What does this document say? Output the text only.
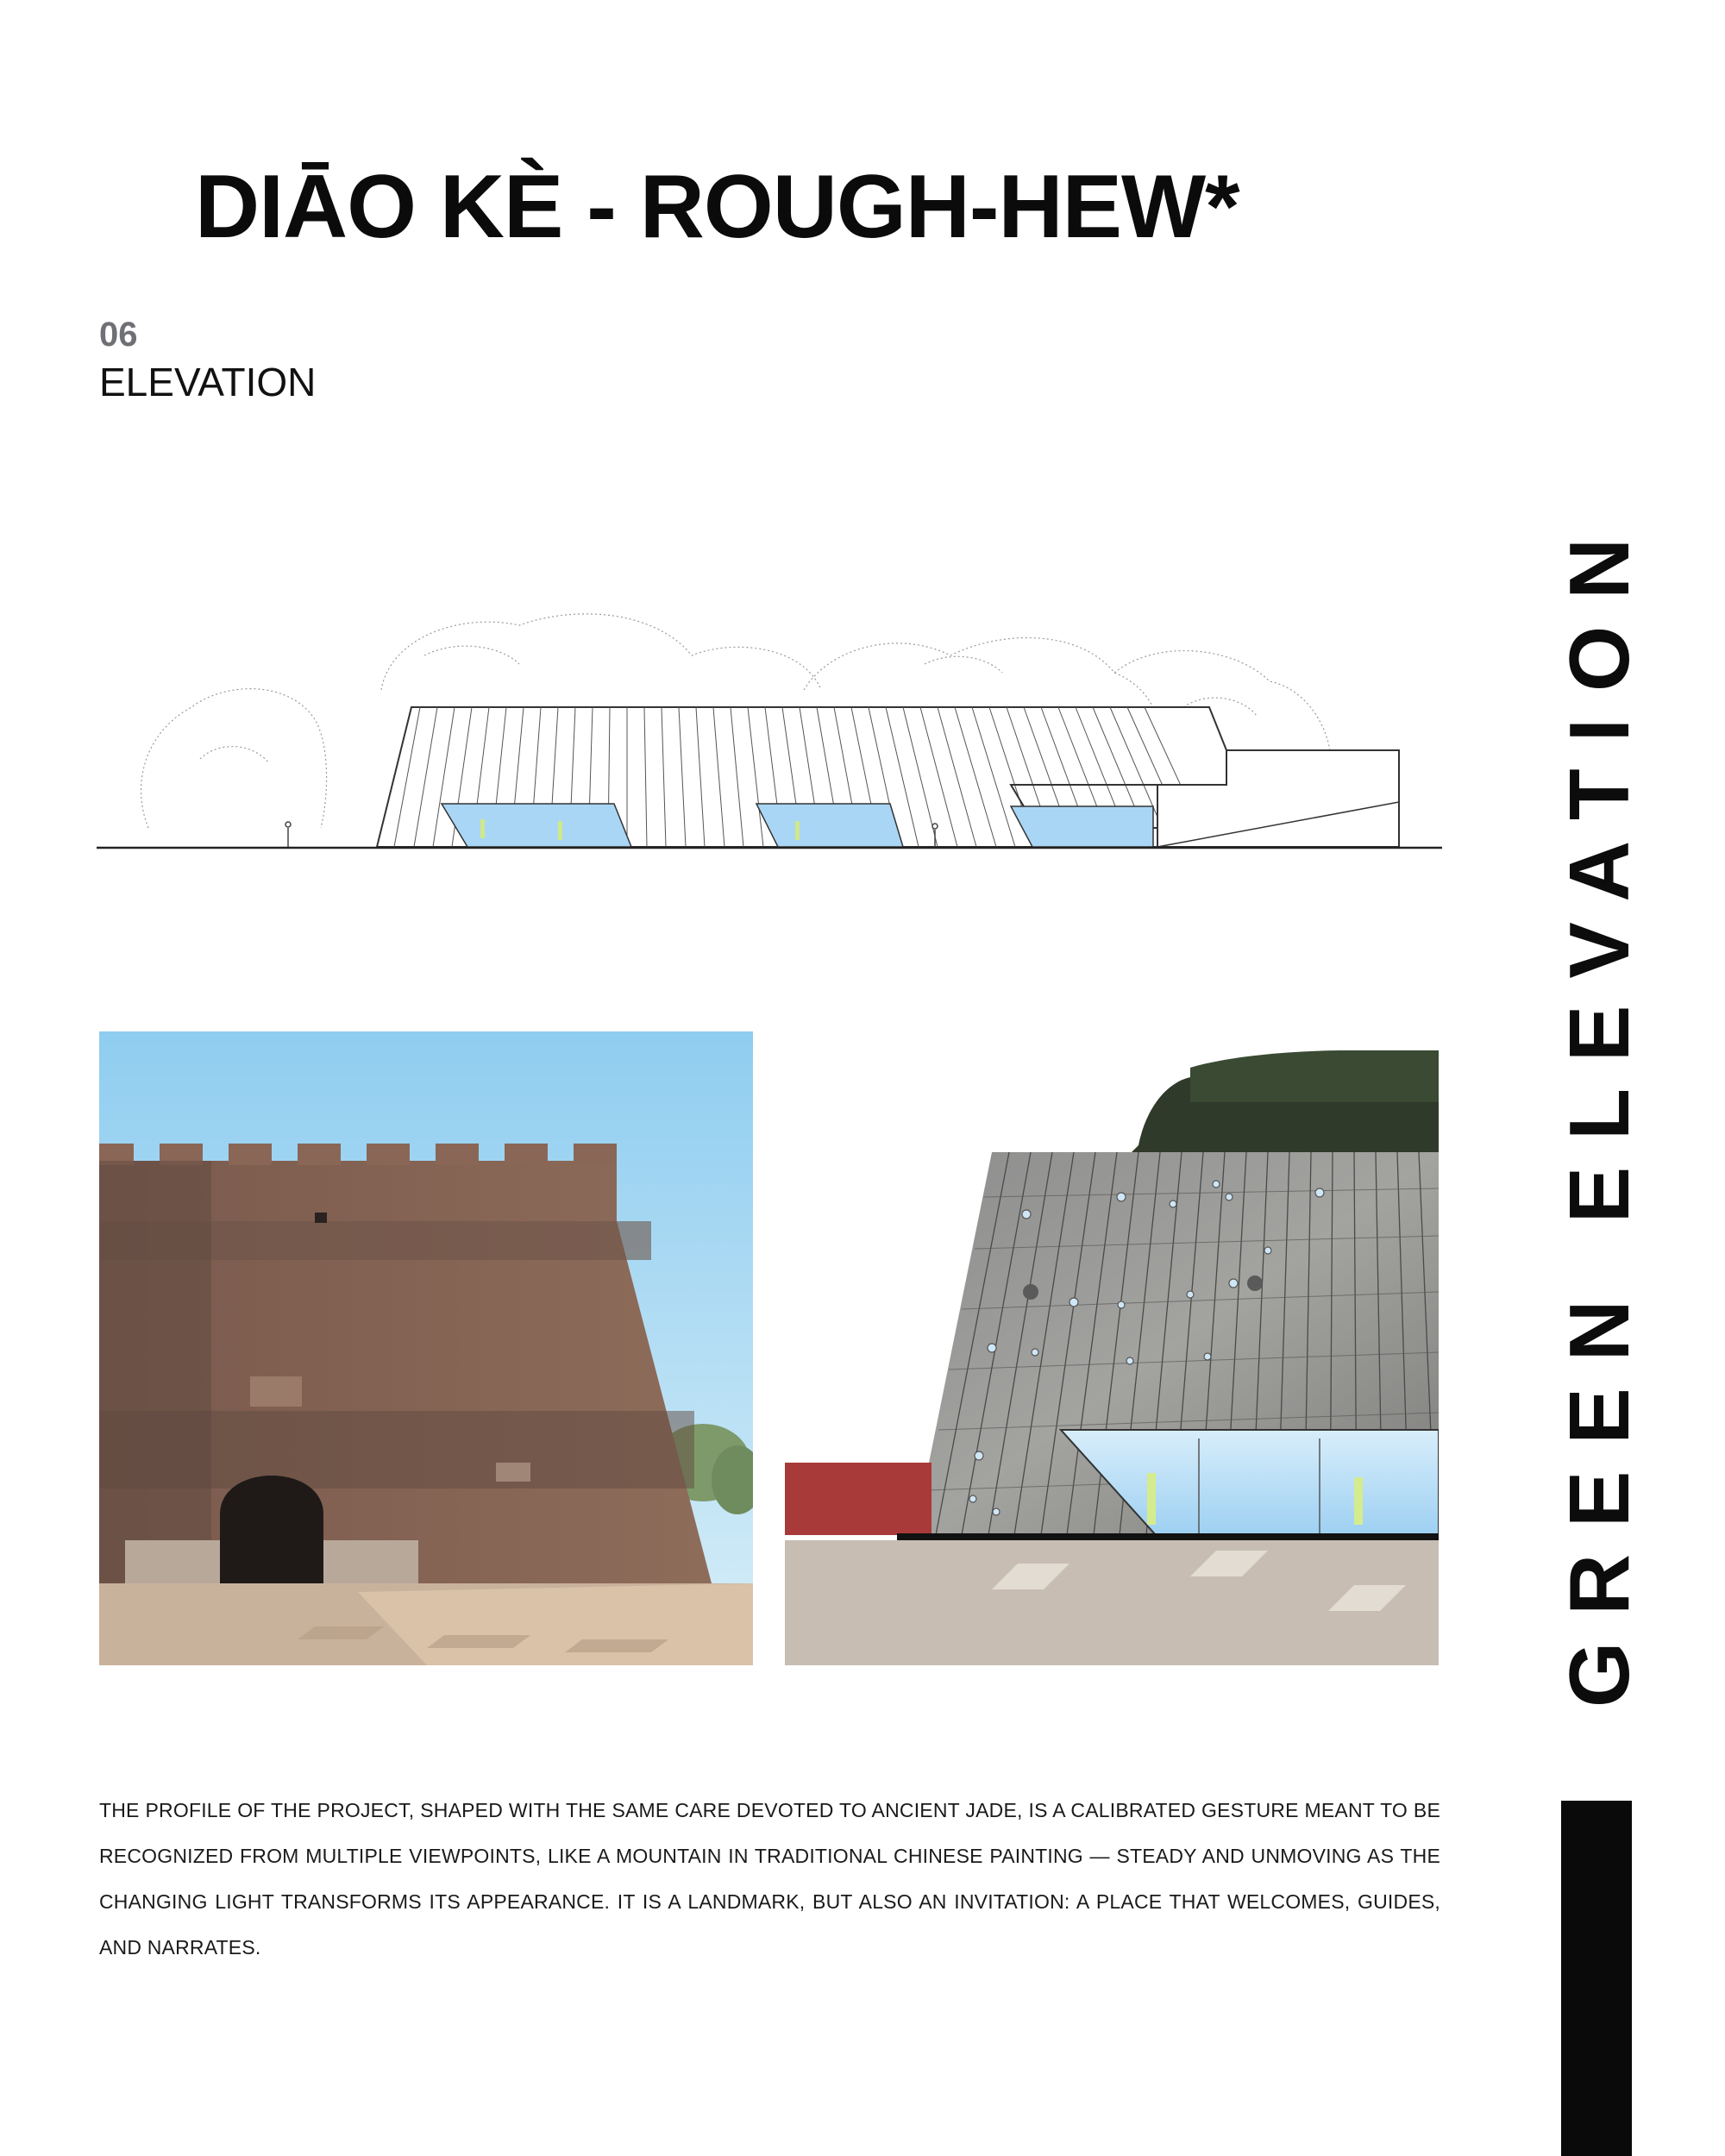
DIĀO KÈ - ROUGH-HEW*
06
ELEVATION
GREEN ELEVATION
THE PROFILE OF THE PROJECT, SHAPED WITH THE SAME CARE DEVOTED TO ANCIENT JADE, IS A CALIBRATED GESTURE MEANT TO BE RECOGNIZED FROM MULTIPLE VIEWPOINTS, LIKE A MOUNTAIN IN TRADITIONAL CHINESE PAINTING — STEADY AND UNMOVING AS THE CHANGING LIGHT TRANSFORMS ITS APPEARANCE. IT IS A LANDMARK, BUT ALSO AN INVITATION: A PLACE THAT WELCOMES, GUIDES, AND NARRATES.
